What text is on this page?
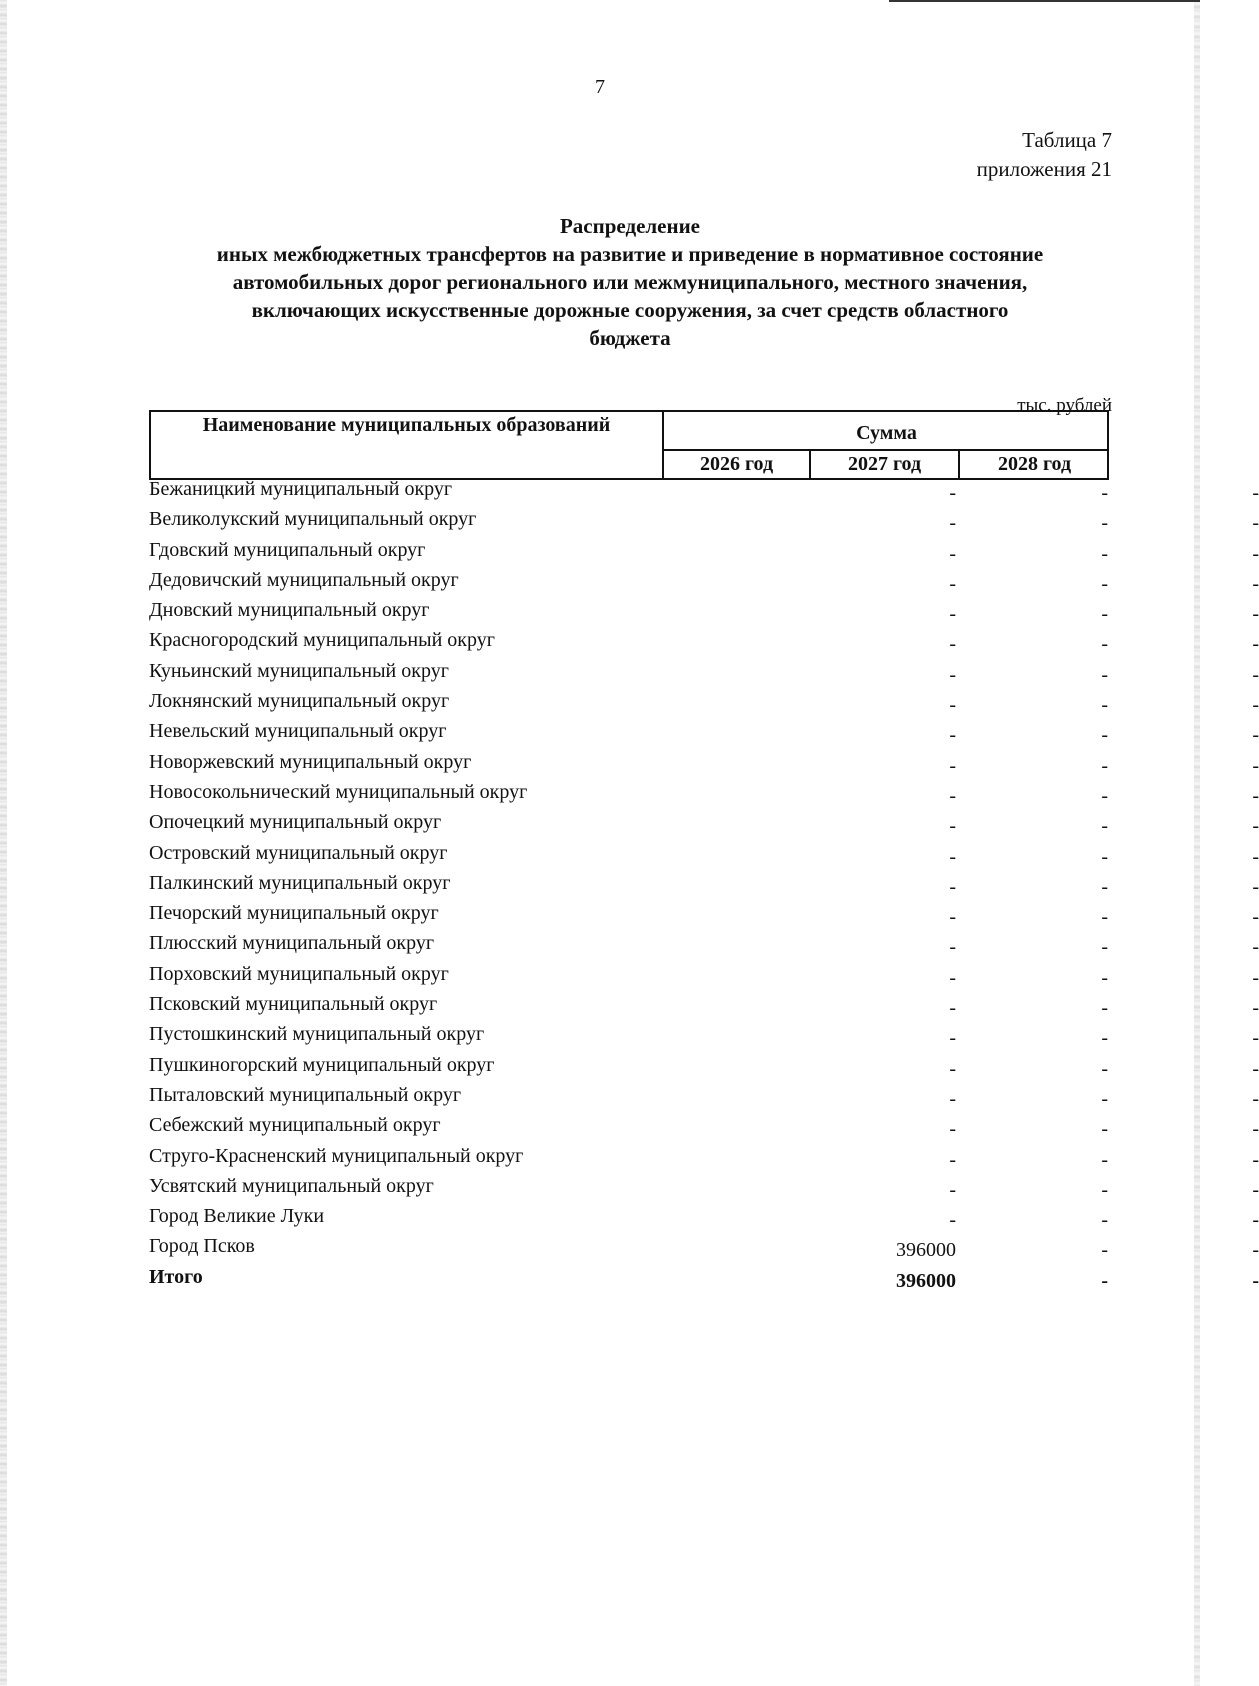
7
Таблица 7
приложения 21
Распределение
иных межбюджетных трансфертов на развитие и приведение в нормативное состояние
автомобильных дорог регионального или межмуниципального, местного значения,
включающих искусственные дорожные сооружения, за счет средств областного
бюджета
тыс. рублей
Наименование муниципальных образований	Сумма
2026 год	2027 год	2028 год
Бежаницкий муниципальный округ	-	-	-
Великолукский муниципальный округ	-	-	-
Гдовский муниципальный округ	-	-	-
Дедовичский муниципальный округ	-	-	-
Дновский муниципальный округ	-	-	-
Красногородский муниципальный округ	-	-	-
Куньинский муниципальный округ	-	-	-
Локнянский муниципальный округ	-	-	-
Невельский муниципальный округ	-	-	-
Новоржевский муниципальный округ	-	-	-
Новосокольнический муниципальный округ	-	-	-
Опочецкий муниципальный округ	-	-	-
Островский муниципальный округ	-	-	-
Палкинский муниципальный округ	-	-	-
Печорский муниципальный округ	-	-	-
Плюсский муниципальный округ	-	-	-
Порховский муниципальный округ	-	-	-
Псковский муниципальный округ	-	-	-
Пустошкинский муниципальный округ	-	-	-
Пушкиногорский муниципальный округ	-	-	-
Пыталовский муниципальный округ	-	-	-
Себежский муниципальный округ	-	-	-
Струго-Красненский муниципальный округ	-	-	-
Усвятский муниципальный округ	-	-	-
Город Великие Луки	-	-	-
Город Псков	396000	-	-
Итого	396000	-	-
